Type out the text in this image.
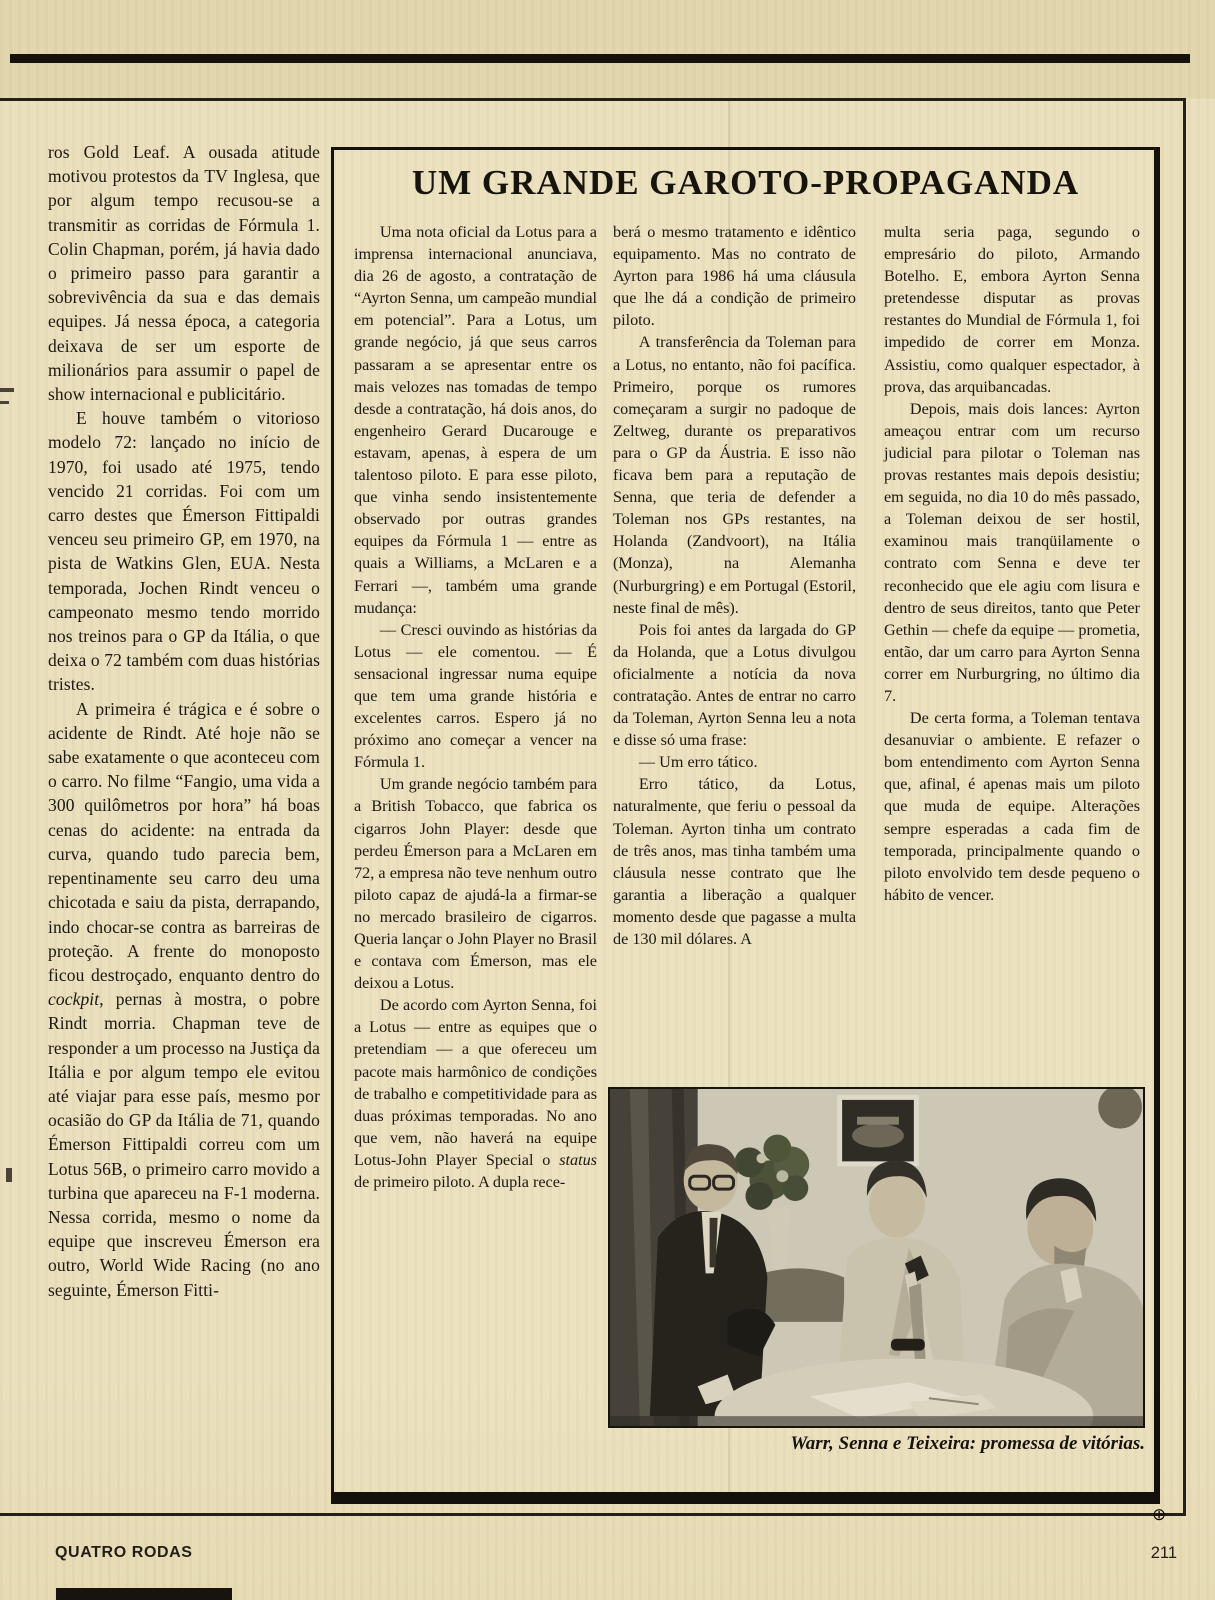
ros Gold Leaf. A ousada atitude motivou protestos da TV Inglesa, que por algum tempo recusou-se a transmitir as corridas de Fórmula 1. Colin Chapman, porém, já havia dado o primeiro passo para garantir a sobrevivência da sua e das demais equipes. Já nessa época, a categoria deixava de ser um esporte de milionários para assumir o papel de show internacional e publicitário.

E houve também o vitorioso modelo 72: lançado no início de 1970, foi usado até 1975, tendo vencido 21 corridas. Foi com um carro destes que Émerson Fittipaldi venceu seu primeiro GP, em 1970, na pista de Watkins Glen, EUA. Nesta temporada, Jochen Rindt venceu o campeonato mesmo tendo morrido nos treinos para o GP da Itália, o que deixa o 72 também com duas histórias tristes.

A primeira é trágica e é sobre o acidente de Rindt. Até hoje não se sabe exatamente o que aconteceu com o carro. No filme “Fangio, uma vida a 300 quilômetros por hora” há boas cenas do acidente: na entrada da curva, quando tudo parecia bem, repentinamente seu carro deu uma chicotada e saiu da pista, derrapando, indo chocar-se contra as barreiras de proteção. A frente do monoposto ficou destroçado, enquanto dentro do cockpit, pernas à mostra, o pobre Rindt morria. Chapman teve de responder a um processo na Justiça da Itália e por algum tempo ele evitou até viajar para esse país, mesmo por ocasião do GP da Itália de 71, quando Émerson Fittipaldi correu com um Lotus 56B, o primeiro carro movido a turbina que apareceu na F-1 moderna. Nessa corrida, mesmo o nome da equipe que inscreveu Émerson era outro, World Wide Racing (no ano seguinte, Émerson Fitti-

UM GRANDE GAROTO-PROPAGANDA

Uma nota oficial da Lotus para a imprensa internacional anunciava, dia 26 de agosto, a contratação de “Ayrton Senna, um campeão mundial em potencial”. Para a Lotus, um grande negócio, já que seus carros passaram a se apresentar entre os mais velozes nas tomadas de tempo desde a contratação, há dois anos, do engenheiro Gerard Ducarouge e estavam, apenas, à espera de um talentoso piloto. E para esse piloto, que vinha sendo insistentemente observado por outras grandes equipes da Fórmula 1 — entre as quais a Williams, a McLaren e a Ferrari —, também uma grande mudança:

— Cresci ouvindo as histórias da Lotus — ele comentou. — É sensacional ingressar numa equipe que tem uma grande história e excelentes carros. Espero já no próximo ano começar a vencer na Fórmula 1.

Um grande negócio também para a British Tobacco, que fabrica os cigarros John Player: desde que perdeu Émerson para a McLaren em 72, a empresa não teve nenhum outro piloto capaz de ajudá-la a firmar-se no mercado brasileiro de cigarros. Queria lançar o John Player no Brasil e contava com Émerson, mas ele deixou a Lotus.

De acordo com Ayrton Senna, foi a Lotus — entre as equipes que o pretendiam — a que ofereceu um pacote mais harmônico de condições de trabalho e competitividade para as duas próximas temporadas. No ano que vem, não haverá na equipe Lotus-John Player Special o status de primeiro piloto. A dupla rece-

berá o mesmo tratamento e idêntico equipamento. Mas no contrato de Ayrton para 1986 há uma cláusula que lhe dá a condição de primeiro piloto.

A transferência da Toleman para a Lotus, no entanto, não foi pacífica. Primeiro, porque os rumores começaram a surgir no padoque de Zeltweg, durante os preparativos para o GP da Áustria. E isso não ficava bem para a reputação de Senna, que teria de defender a Toleman nos GPs restantes, na Holanda (Zandvoort), na Itália (Monza), na Alemanha (Nurburgring) e em Portugal (Estoril, neste final de mês).

Pois foi antes da largada do GP da Holanda, que a Lotus divulgou oficialmente a notícia da nova contratação. Antes de entrar no carro da Toleman, Ayrton Senna leu a nota e disse só uma frase:

— Um erro tático.

Erro tático, da Lotus, naturalmente, que feriu o pessoal da Toleman. Ayrton tinha um contrato de três anos, mas tinha também uma cláusula nesse contrato que lhe garantia a liberação a qualquer momento desde que pagasse a multa de 130 mil dólares. A

multa seria paga, segundo o empresário do piloto, Armando Botelho. E, embora Ayrton Senna pretendesse disputar as provas restantes do Mundial de Fórmula 1, foi impedido de correr em Monza. Assistiu, como qualquer espectador, à prova, das arquibancadas.

Depois, mais dois lances: Ayrton ameaçou entrar com um recurso judicial para pilotar o Toleman nas provas restantes mais depois desistiu; em seguida, no dia 10 do mês passado, a Toleman deixou de ser hostil, examinou mais tranqüilamente o contrato com Senna e deve ter reconhecido que ele agiu com lisura e dentro de seus direitos, tanto que Peter Gethin — chefe da equipe — prometia, então, dar um carro para Ayrton Senna correr em Nurburgring, no último dia 7.

De certa forma, a Toleman tentava desanuviar o ambiente. E refazer o bom entendimento com Ayrton Senna que, afinal, é apenas mais um piloto que muda de equipe. Alterações sempre esperadas a cada fim de temporada, principalmente quando o piloto envolvido tem desde pequeno o hábito de vencer.

Warr, Senna e Teixeira: promessa de vitórias.
⊕
QUATRO RODAS	211
